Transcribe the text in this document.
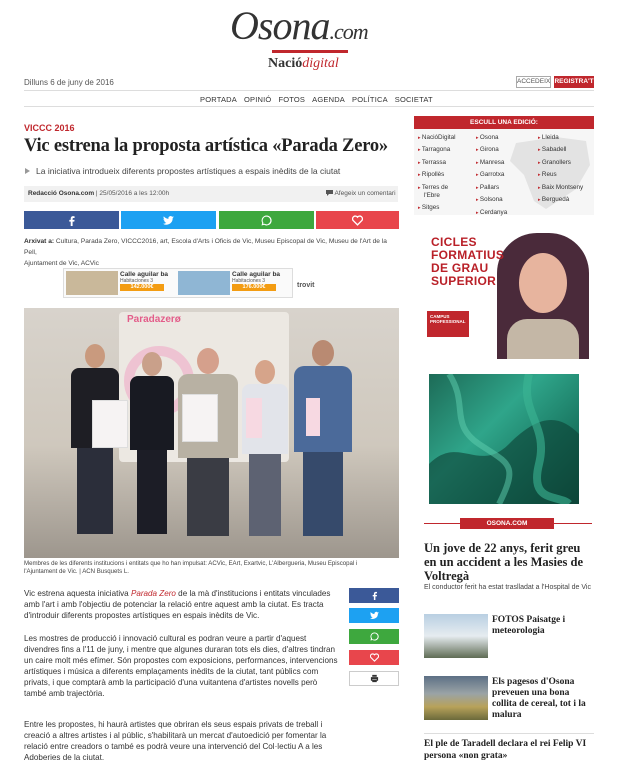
Osona.com
Naciódigital
Dilluns 6 de juny de 2016	ACCEDEIX REGISTRA'T
PORTADA OPINIÓ FOTOS AGENDA POLÍTICA SOCIETAT
VICCC 2016
Vic estrena la proposta artística «Parada Zero»
La iniciativa introdueix diferents propostes artístiques a espais inèdits de la ciutat
Redacció Osona.com | 25/05/2016 a les 12:00h	Afegeix un comentari
Arxivat a: Cultura, Parada Zero, VICCC2016, art, Escola d'Arts i Oficis de Vic, Museu Episcopal de Vic, Museu de l'Art de la Pell,
Ajuntament de Vic, ACVic
Calle aguilar ba
Habitaciones 3
142.000€
Calle aguilar ba
Habitaciones 3
176.000€	trovit
Paradazerø
Membres de les diferents institucions i entitats que ho han impulsat: ACVic, EArt, Exartvic, L'Albergueria, Museu Episcopal i
l'Ajuntament de Vic. | ACN Busquets L.
Vic estrena aquesta iniciativa Parada Zero de la mà d'institucions i entitats vinculades amb l'art i amb l'objectiu de potenciar la relació entre aquest amb la ciutat. Es tracta d'introduir diferents propostes artístiques en espais inèdits de Vic.
Les mostres de producció i innovació cultural es podran veure a partir d'aquest divendres fins a l'11 de juny, i mentre que algunes duraran tots els dies, d'altres tindran un caire molt més efímer. Són propostes com exposicions, performances, intervencions artístiques i música a diferents emplaçaments inèdits de la ciutat, tant públics com privats, i que comptarà amb la participació d'una vuitantena d'artistes novells però també amb trajectòria.
Entre les propostes, hi haurà artistes que obriran els seus espais privats de treball i creació a altres artistes i al públic, s'habilitarà un mercat d'autoedició per fomentar la relació entre creadors o també es podrà veure una intervenció del Col·lectiu A a les Adoberies de la ciutat.
ESCULL UNA EDICIÓ:
▸ NacióDigital
▸ Tarragona
▸ Terrassa
▸ Ripollès
▸ Terres de
l'Ebre
▸ Sitges
▸ Osona
▸ Girona
▸ Manresa
▸ Garrotxa
▸ Pallars
▸ Solsona
▸ Cerdanya
▸ Lleida
▸ Sabadell
▸ Granollers
▸ Reus
▸ Baix Montseny
▸ Berguedà
CAMPUS PROFESSIONAL
CICLES
FORMATIUS
DE GRAU
SUPERIOR
OSONA.COM
Un jove de 22 anys, ferit greu en un accident a les Masies de Voltregà
El conductor ferit ha estat traslladat a l'Hospital de Vic
FOTOS Paisatge i meteorologia
Els pagesos d'Osona preveuen una bona collita de cereal, tot i la malura
El ple de Taradell declara el rei Felip VI persona «non grata»
